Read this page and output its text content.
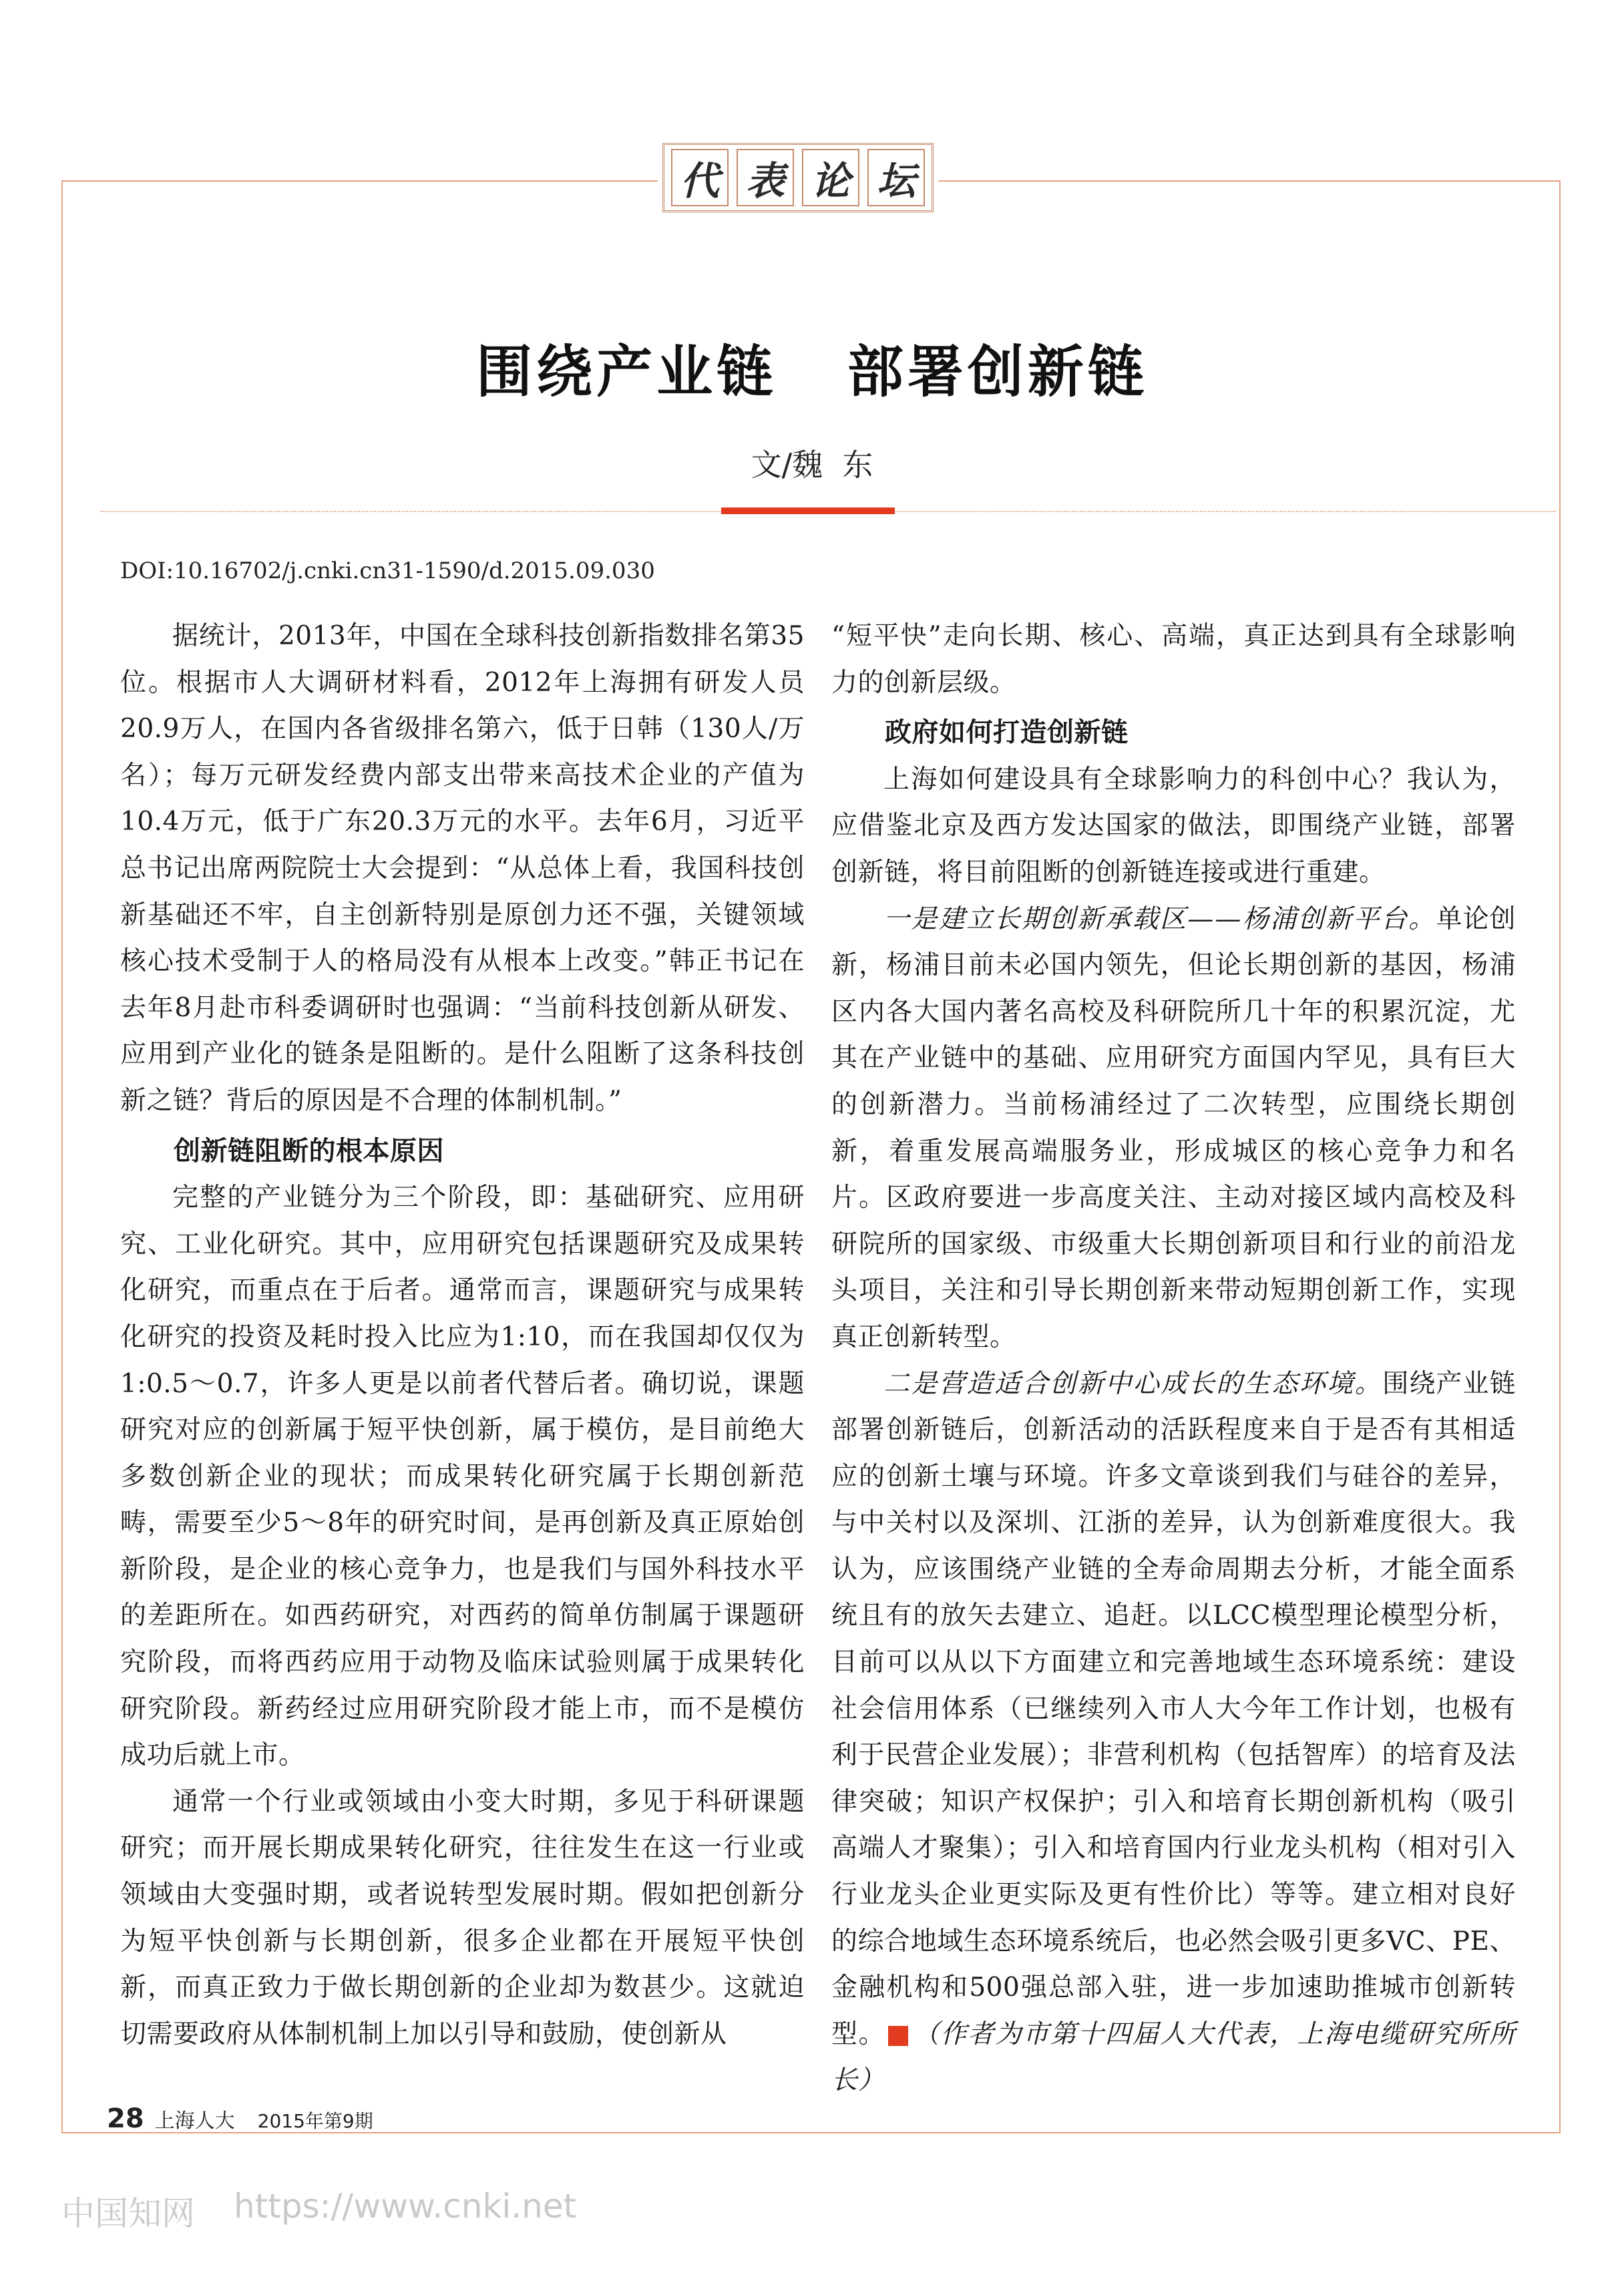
代 表 论 坛
围绕产业链   部署创新链
文/魏  东
DOI:10.16702/j.cnki.cn31-1590/d.2015.09.030

据统计，2013年，中国在全球科技创新指数排名第35位。根据市人大调研材料看，2012年上海拥有研发人员20.9万人，在国内各省级排名第六，低于日韩（130人/万名）；每万元研发经费内部支出带来高技术企业的产值为10.4万元，低于广东20.3万元的水平。去年6月，习近平总书记出席两院院士大会提到：“从总体上看，我国科技创新基础还不牢，自主创新特别是原创力还不强，关键领域核心技术受制于人的格局没有从根本上改变。”韩正书记在去年8月赴市科委调研时也强调：“当前科技创新从研发、应用到产业化的链条是阻断的。是什么阻断了这条科技创新之链？背后的原因是不合理的体制机制。”

创新链阻断的根本原因

完整的产业链分为三个阶段，即：基础研究、应用研究、工业化研究。其中，应用研究包括课题研究及成果转化研究，而重点在于后者。通常而言，课题研究与成果转化研究的投资及耗时投入比应为1:10，而在我国却仅仅为1:0.5～0.7，许多人更是以前者代替后者。确切说，课题研究对应的创新属于短平快创新，属于模仿，是目前绝大多数创新企业的现状；而成果转化研究属于长期创新范畴，需要至少5～8年的研究时间，是再创新及真正原始创新阶段，是企业的核心竞争力，也是我们与国外科技水平的差距所在。如西药研究，对西药的简单仿制属于课题研究阶段，而将西药应用于动物及临床试验则属于成果转化研究阶段。新药经过应用研究阶段才能上市，而不是模仿成功后就上市。

通常一个行业或领域由小变大时期，多见于科研课题研究；而开展长期成果转化研究，往往发生在这一行业或领域由大变强时期，或者说转型发展时期。假如把创新分为短平快创新与长期创新，很多企业都在开展短平快创新，而真正致力于做长期创新的企业却为数甚少。这就迫切需要政府从体制机制上加以引导和鼓励，使创新从

“短平快”走向长期、核心、高端，真正达到具有全球影响力的创新层级。

政府如何打造创新链

上海如何建设具有全球影响力的科创中心？我认为，应借鉴北京及西方发达国家的做法，即围绕产业链，部署创新链，将目前阻断的创新链连接或进行重建。

一是建立长期创新承载区——杨浦创新平台。单论创新，杨浦目前未必国内领先，但论长期创新的基因，杨浦区内各大国内著名高校及科研院所几十年的积累沉淀，尤其在产业链中的基础、应用研究方面国内罕见，具有巨大的创新潜力。当前杨浦经过了二次转型，应围绕长期创新，着重发展高端服务业，形成城区的核心竞争力和名片。区政府要进一步高度关注、主动对接区域内高校及科研院所的国家级、市级重大长期创新项目和行业的前沿龙头项目，关注和引导长期创新来带动短期创新工作，实现真正创新转型。

二是营造适合创新中心成长的生态环境。围绕产业链部署创新链后，创新活动的活跃程度来自于是否有其相适应的创新土壤与环境。许多文章谈到我们与硅谷的差异，与中关村以及深圳、江浙的差异，认为创新难度很大。我认为，应该围绕产业链的全寿命周期去分析，才能全面系统且有的放矢去建立、追赶。以LCC模型理论模型分析，目前可以从以下方面建立和完善地域生态环境系统：建设社会信用体系（已继续列入市人大今年工作计划，也极有利于民营企业发展）；非营利机构（包括智库）的培育及法律突破；知识产权保护；引入和培育长期创新机构（吸引高端人才聚集）；引入和培育国内行业龙头机构（相对引入行业龙头企业更实际及更有性价比）等等。建立相对良好的综合地域生态环境系统后，也必然会吸引更多VC、PE、金融机构和500强总部入驻，进一步加速助推城市创新转型。 （作者为市第十四届人大代表，上海电缆研究所所长）

28 上海人大 2015年第9期
中国知网 https://www.cnki.net
